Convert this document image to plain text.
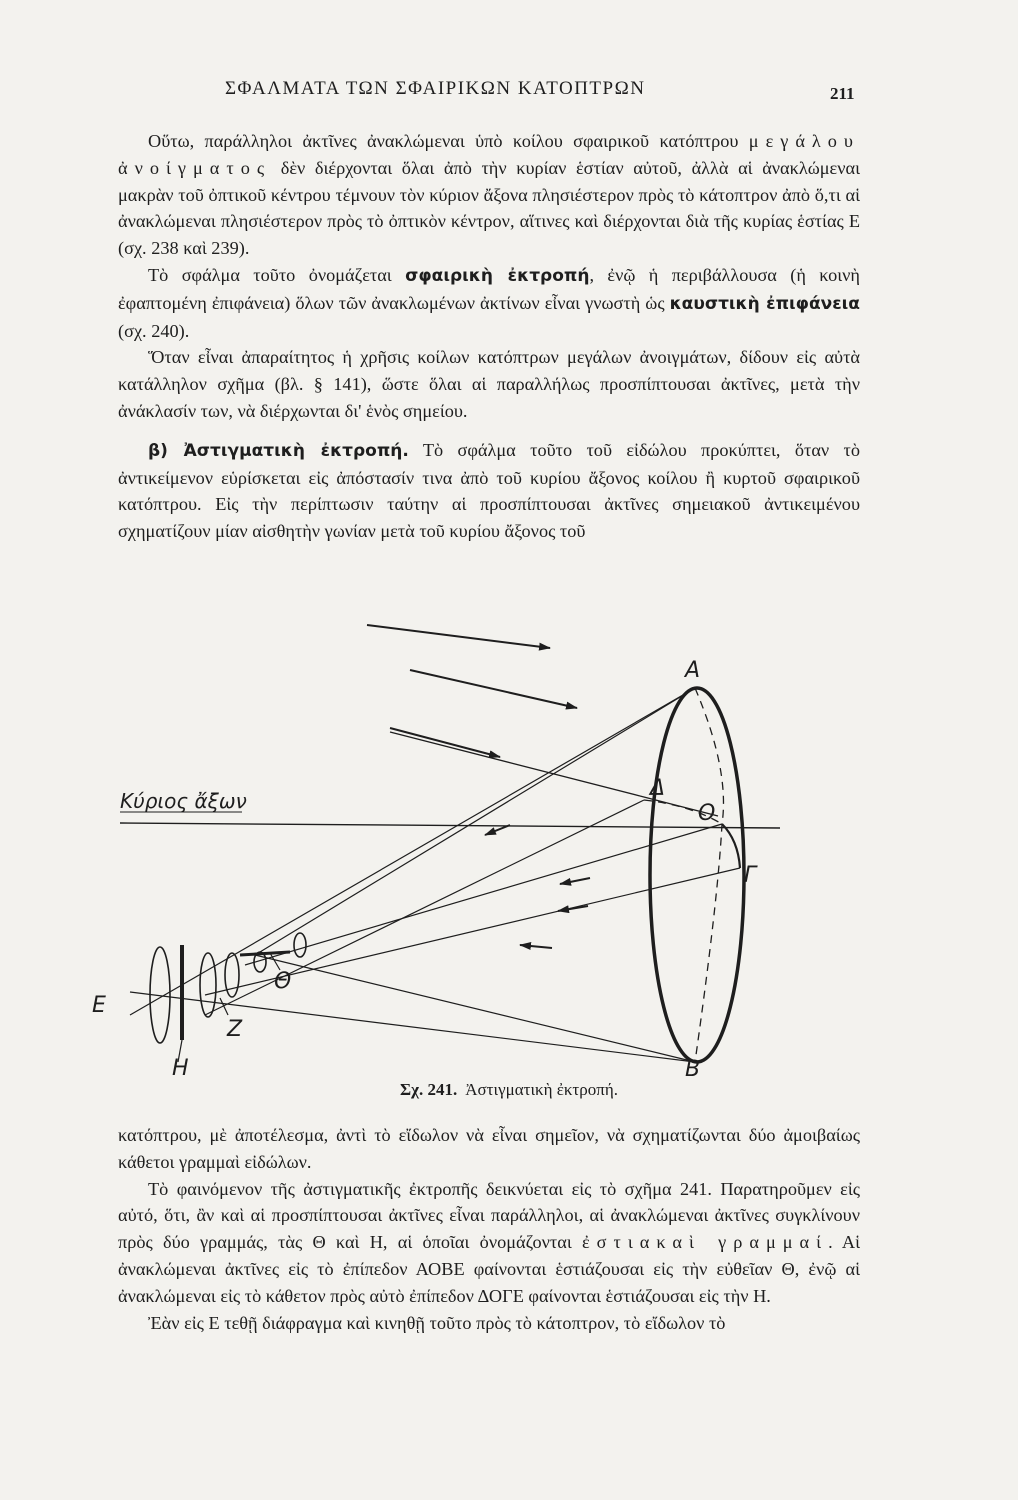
ΣΦΑΛΜΑΤΑ ΤΩΝ ΣΦΑΙΡΙΚΩΝ ΚΑΤΟΠΤΡΩΝ	211

Οὕτω, παράλληλοι ἀκτῖνες ἀνακλώμεναι ὑπὸ κοίλου σφαιρικοῦ κατόπτρου μεγάλου ἀνοίγματος δὲν διέρχονται ὅλαι ἀπὸ τὴν κυρίαν ἑστίαν αὐτοῦ, ἀλλὰ αἱ ἀνακλώμεναι μακρὰν τοῦ ὀπτικοῦ κέντρου τέμνουν τὸν κύριον ἄξονα πλησιέστερον πρὸς τὸ κάτοπτρον ἀπὸ ὅ,τι αἱ ἀνακλώμεναι πλησιέστερον πρὸς τὸ ὀπτικὸν κέντρον, αἵτινες καὶ διέρχονται διὰ τῆς κυρίας ἑστίας Ε (σχ. 238 καὶ 239).

Τὸ σφάλμα τοῦτο ὀνομάζεται σφαιρικὴ ἐκτροπή, ἐνῷ ἡ περιβάλλουσα (ἡ κοινὴ ἐφαπτομένη ἐπιφάνεια) ὅλων τῶν ἀνακλωμένων ἀκτίνων εἶναι γνωστὴ ὡς καυστικὴ ἐπιφάνεια (σχ. 240).

Ὅταν εἶναι ἀπαραίτητος ἡ χρῆσις κοίλων κατόπτρων μεγάλων ἀνοιγμάτων, δίδουν εἰς αὐτὰ κατάλληλον σχῆμα (βλ. § 141), ὥστε ὅλαι αἱ παραλλήλως προσπίπτουσαι ἀκτῖνες, μετὰ τὴν ἀνάκλασίν των, νὰ διέρχωνται δι' ἑνὸς σημείου.

β) Ἀστιγματικὴ ἐκτροπή. Τὸ σφάλμα τοῦτο τοῦ εἰδώλου προκύπτει, ὅταν τὸ ἀντικείμενον εὑρίσκεται εἰς ἀπόστασίν τινα ἀπὸ τοῦ κυρίου ἄξονος κοίλου ἢ κυρτοῦ σφαιρικοῦ κατόπτρου. Εἰς τὴν περίπτωσιν ταύτην αἱ προσπίπτουσαι ἀκτῖνες σημειακοῦ ἀντικειμένου σχηματίζουν μίαν αἰσθητὴν γωνίαν μετὰ τοῦ κυρίου ἄξονος τοῦ

Κύριος ἄξων
A
B
Δ
O
Γ
Θ
E
Z
H
Σχ. 241. Ἀστιγματικὴ ἐκτροπή.

κατόπτρου, μὲ ἀποτέλεσμα, ἀντὶ τὸ εἴδωλον νὰ εἶναι σημεῖον, νὰ σχηματίζωνται δύο ἀμοιβαίως κάθετοι γραμμαὶ εἰδώλων.

Τὸ φαινόμενον τῆς ἀστιγματικῆς ἐκτροπῆς δεικνύεται εἰς τὸ σχῆμα 241. Παρατηροῦμεν εἰς αὐτό, ὅτι, ἂν καὶ αἱ προσπίπτουσαι ἀκτῖνες εἶναι παράλληλοι, αἱ ἀνακλώμεναι ἀκτῖνες συγκλίνουν πρὸς δύο γραμμάς, τὰς Θ καὶ Η, αἱ ὁποῖαι ὀνομάζονται ἐστιακαὶ γραμμαί. Αἱ ἀνακλώμεναι ἀκτῖνες εἰς τὸ ἐπίπεδον ΑΟΒΕ φαίνονται ἑστιάζουσαι εἰς τὴν εὐθεῖαν Θ, ἐνῷ αἱ ἀνακλώμεναι εἰς τὸ κάθετον πρὸς αὐτὸ ἐπίπεδον ΔΟΓΕ φαίνονται ἑστιάζουσαι εἰς τὴν Η.

Ἐὰν εἰς Ε τεθῇ διάφραγμα καὶ κινηθῇ τοῦτο πρὸς τὸ κάτοπτρον, τὸ εἴδωλον τὸ
